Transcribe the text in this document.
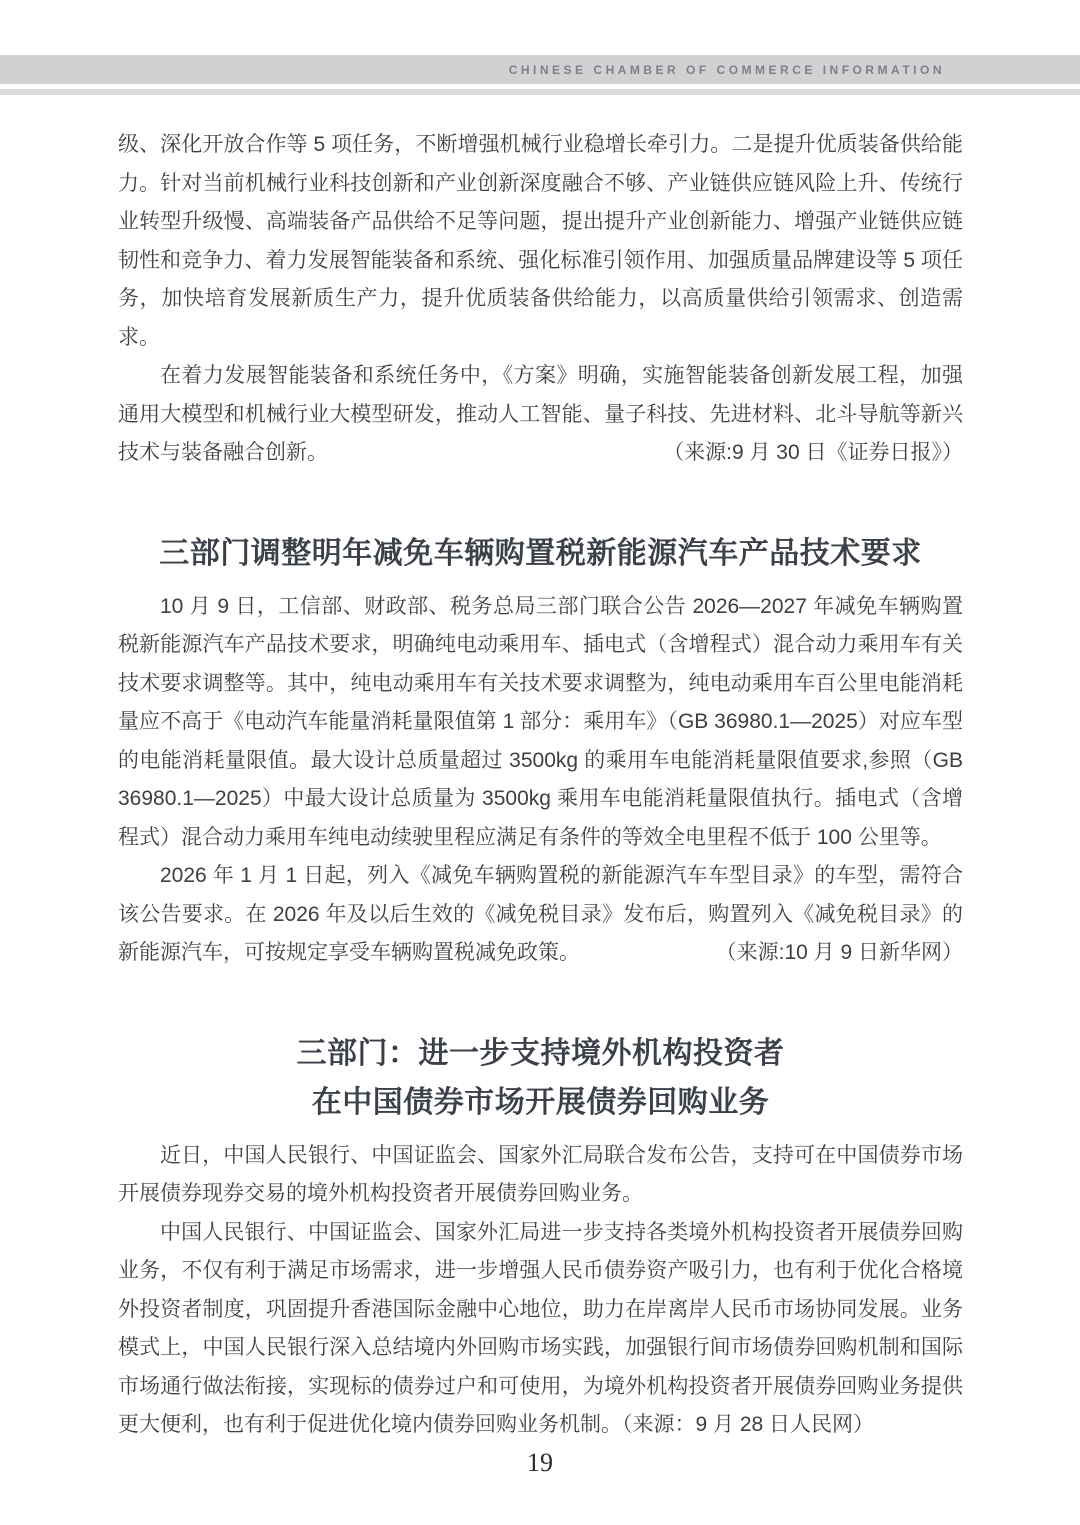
CHINESE CHAMBER OF COMMERCE INFORMATION

级、深化开放合作等 5 项任务，不断增强机械行业稳增长牵引力。二是提升优质装备供给能力。针对当前机械行业科技创新和产业创新深度融合不够、产业链供应链风险上升、传统行业转型升级慢、高端装备产品供给不足等问题，提出提升产业创新能力、增强产业链供应链韧性和竞争力、着力发展智能装备和系统、强化标准引领作用、加强质量品牌建设等 5 项任务，加快培育发展新质生产力，提升优质装备供给能力，以高质量供给引领需求、创造需求。

在着力发展智能装备和系统任务中，《方案》明确，实施智能装备创新发展工程，加强通用大模型和机械行业大模型研发，推动人工智能、量子科技、先进材料、北斗导航等新兴技术与装备融合创新。	（来源:9 月 30 日《证券日报》）

三部门调整明年减免车辆购置税新能源汽车产品技术要求

10 月 9 日，工信部、财政部、税务总局三部门联合公告 2026—2027 年减免车辆购置税新能源汽车产品技术要求，明确纯电动乘用车、插电式（含增程式）混合动力乘用车有关技术要求调整等。其中，纯电动乘用车有关技术要求调整为，纯电动乘用车百公里电能消耗量应不高于《电动汽车能量消耗量限值第 1 部分：乘用车》（GB 36980.1—2025）对应车型的电能消耗量限值。最大设计总质量超过 3500kg 的乘用车电能消耗量限值要求,参照（GB 36980.1—2025）中最大设计总质量为 3500kg 乘用车电能消耗量限值执行。插电式（含增程式）混合动力乘用车纯电动续驶里程应满足有条件的等效全电里程不低于 100 公里等。

2026 年 1 月 1 日起，列入《减免车辆购置税的新能源汽车车型目录》的车型，需符合该公告要求。在 2026 年及以后生效的《减免税目录》发布后，购置列入《减免税目录》的新能源汽车，可按规定享受车辆购置税减免政策。	（来源:10 月 9 日新华网）

三部门：进一步支持境外机构投资者
在中国债券市场开展债券回购业务

近日，中国人民银行、中国证监会、国家外汇局联合发布公告，支持可在中国债券市场开展债券现券交易的境外机构投资者开展债券回购业务。

中国人民银行、中国证监会、国家外汇局进一步支持各类境外机构投资者开展债券回购业务，不仅有利于满足市场需求，进一步增强人民币债券资产吸引力，也有利于优化合格境外投资者制度，巩固提升香港国际金融中心地位，助力在岸离岸人民币市场协同发展。业务模式上，中国人民银行深入总结境内外回购市场实践，加强银行间市场债券回购机制和国际市场通行做法衔接，实现标的债券过户和可使用，为境外机构投资者开展债券回购业务提供更大便利，也有利于促进优化境内债券回购业务机制。（来源：9 月 28 日人民网）

19
